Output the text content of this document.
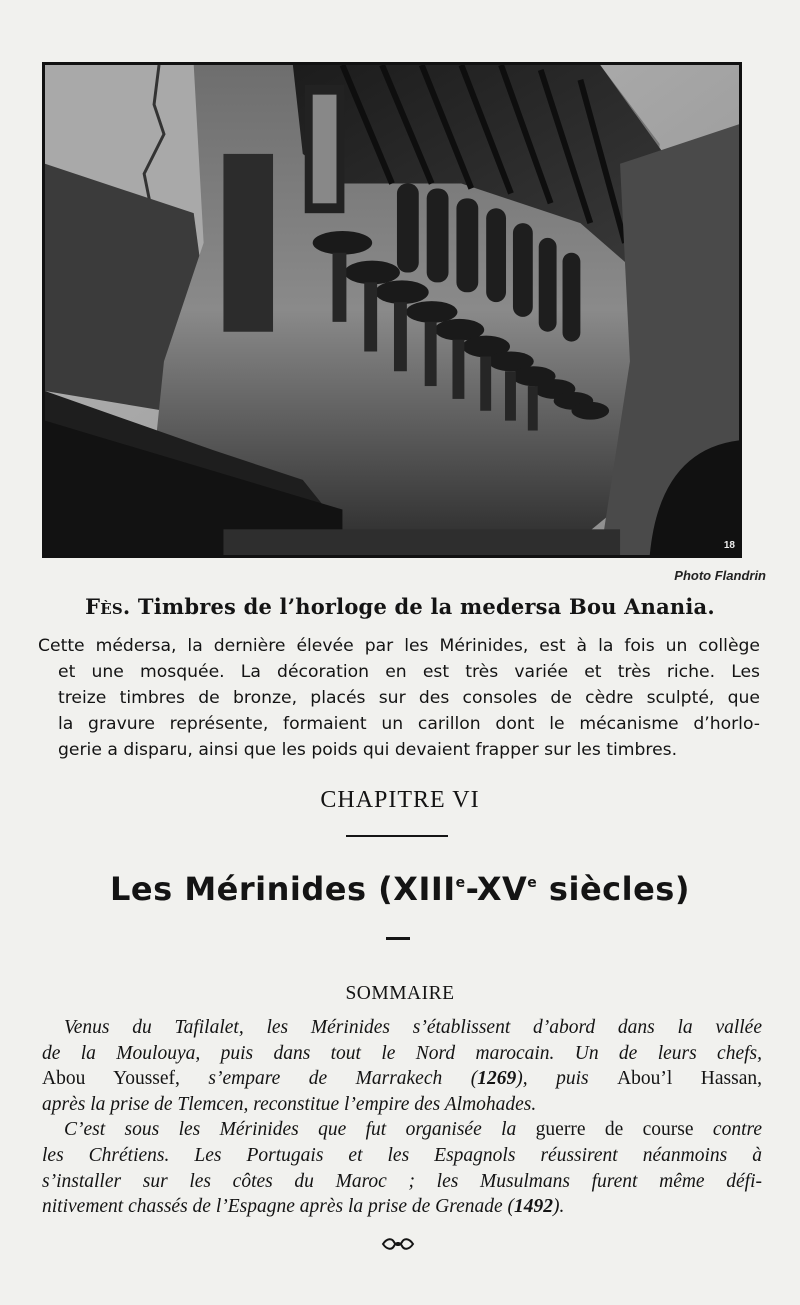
18
Photo Flandrin
Fès. Timbres de l’horloge de la medersa Bou Anania.
Cette médersa, la dernière élevée par les Mérinides, est à la fois un collège
et une mosquée. La décoration en est très variée et très riche. Les
treize timbres de bronze, placés sur des consoles de cèdre sculpté, que
la gravure représente, formaient un carillon dont le mécanisme d’horlo-
gerie a disparu, ainsi que les poids qui devaient frapper sur les timbres.
CHAPITRE VI
Les Mérinides (XIIIe-XVe siècles)
SOMMAIRE
Venus du Tafilalet, les Mérinides s’établissent d’abord dans la vallée
de la Moulouya, puis dans tout le Nord marocain. Un de leurs chefs,
Abou Youssef, s’empare de Marrakech (1269), puis Abou’l Hassan,
après la prise de Tlemcen, reconstitue l’empire des Almohades.
C’est sous les Mérinides que fut organisée la guerre de course contre
les Chrétiens. Les Portugais et les Espagnols réussirent néanmoins à
s’installer sur les côtes du Maroc ; les Musulmans furent même défi-
nitivement chassés de l’Espagne après la prise de Grenade (1492).
